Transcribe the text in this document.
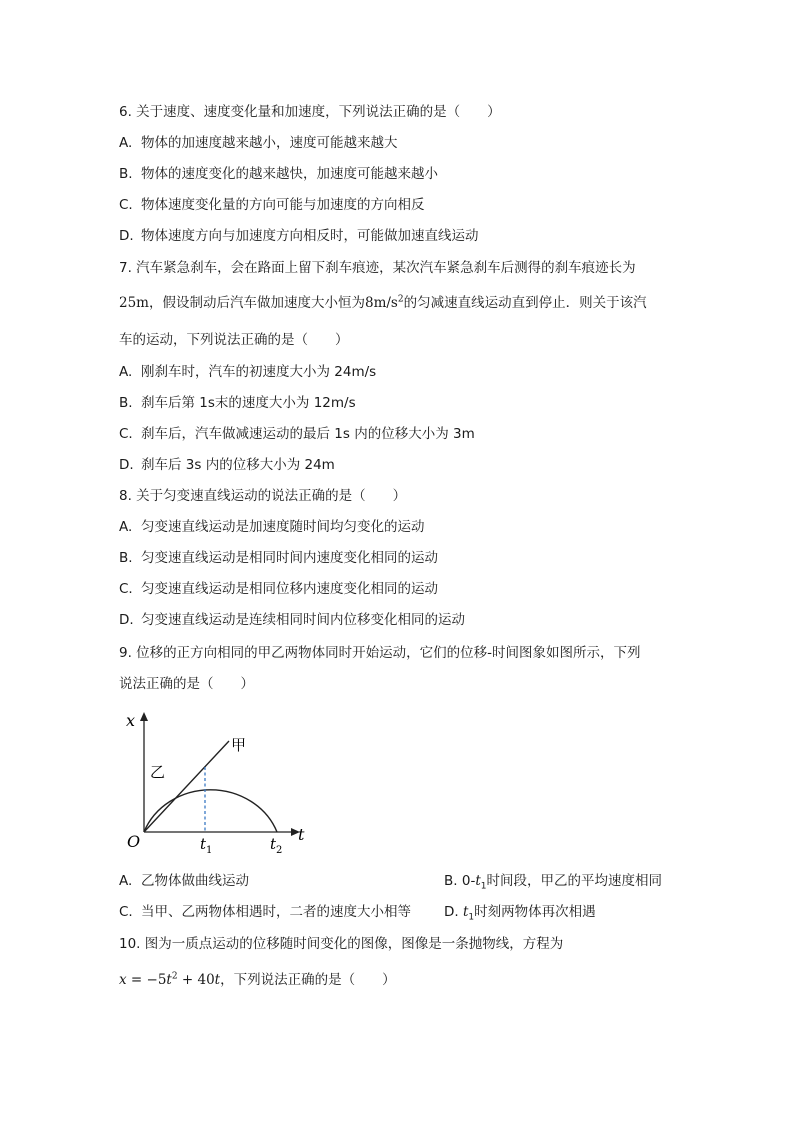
6. 关于速度、速度变化量和加速度，下列说法正确的是（　　）
A. 物体的加速度越来越小，速度可能越来越大
B. 物体的速度变化的越来越快，加速度可能越来越小
C. 物体速度变化量的方向可能与加速度的方向相反
D. 物体速度方向与加速度方向相反时，可能做加速直线运动
7. 汽车紧急刹车，会在路面上留下刹车痕迹，某次汽车紧急刹车后测得的刹车痕迹长为
25m，假设制动后汽车做加速度大小恒为$8m/s^2$的匀减速直线运动直到停止．则关于该汽
车的运动，下列说法正确的是（　　）
A. 刚刹车时，汽车的初速度大小为 24m/s
B. 刹车后第 1s末的速度大小为 12m/s
C. 刹车后，汽车做减速运动的最后 1s 内的位移大小为 3m
D. 刹车后 3s 内的位移大小为 24m
8. 关于匀变速直线运动的说法正确的是（　　）
A. 匀变速直线运动是加速度随时间均匀变化的运动
B. 匀变速直线运动是相同时间内速度变化相同的运动
C. 匀变速直线运动是相同位移内速度变化相同的运动
D. 匀变速直线运动是连续相同时间内位移变化相同的运动
9. 位移的正方向相同的甲乙两物体同时开始运动，它们的位移-时间图象如图所示，下列
说法正确的是（　　）
x
t
O
甲
乙
$t_1$	$t_2$
A. 乙物体做曲线运动	B. $0-t_1$时间段，甲乙的平均速度相同
C. 当甲、乙两物体相遇时，二者的速度大小相等 D. $t_1$时刻两物体再次相遇
10. 图为一质点运动的位移随时间变化的图像，图像是一条抛物线，方程为
$x = -5t^2 + 40t$，下列说法正确的是（　　）
